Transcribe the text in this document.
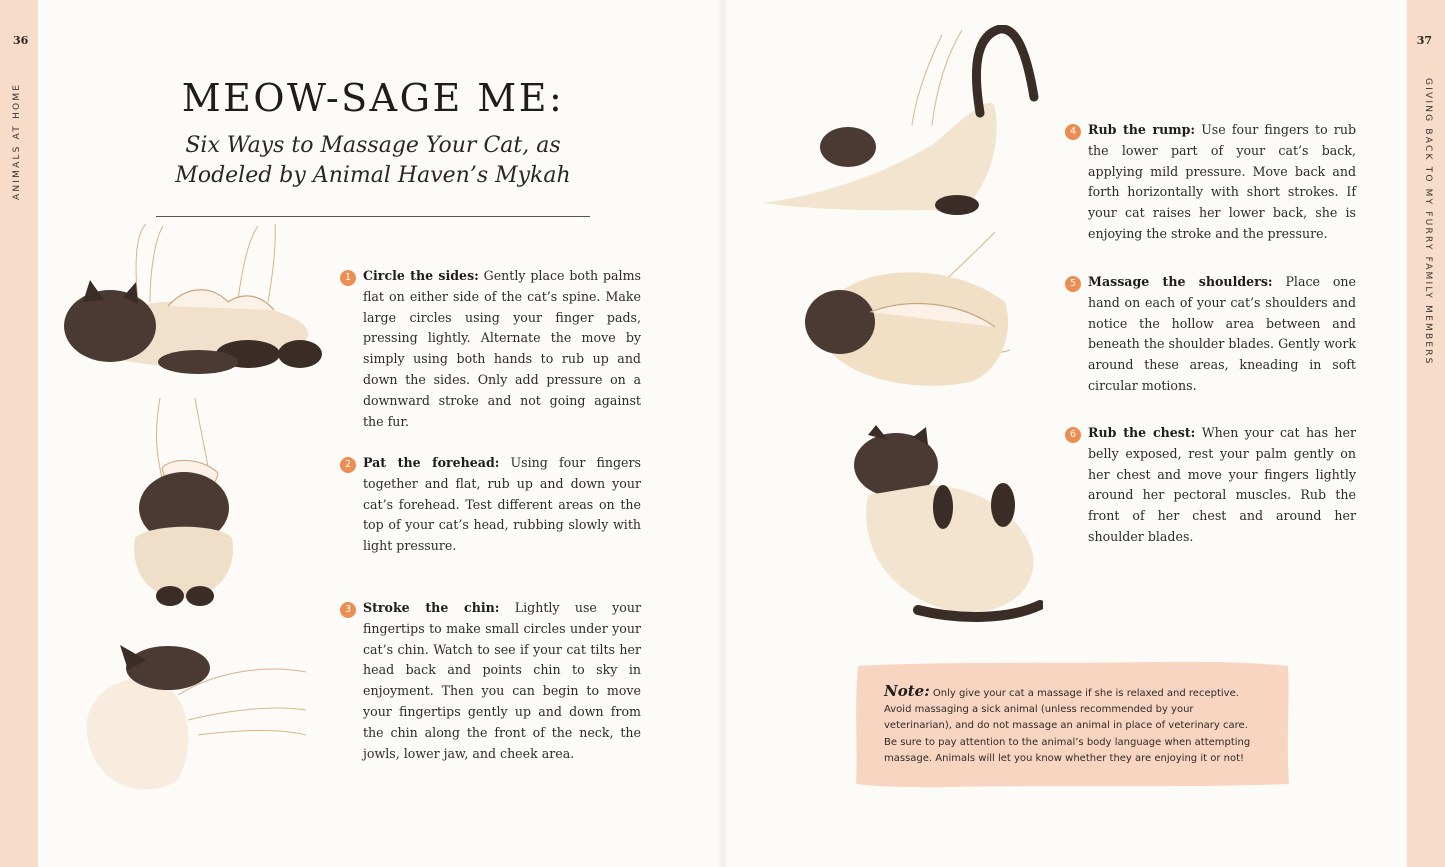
36	37
ANIMALS AT HOME	GIVING BACK TO MY FURRY FAMILY MEMBERS
MEOW-SAGE ME:
Six Ways to Massage Your Cat, as
Modeled by Animal Haven’s Mykah
1 Circle the sides: Gently place both palms flat on either side of the cat’s spine. Make large circles using your finger pads, pressing lightly. Alternate the move by simply using both hands to rub up and down the sides. Only add pressure on a downward stroke and not going against the fur.
2 Pat the forehead: Using four fingers together and flat, rub up and down your cat’s forehead. Test different areas on the top of your cat’s head, rubbing slowly with light pressure.
3 Stroke the chin: Lightly use your fingertips to make small circles under your cat’s chin. Watch to see if your cat tilts her head back and points chin to sky in enjoyment. Then you can begin to move your fingertips gently up and down from the chin along the front of the neck, the jowls, lower jaw, and cheek area.
4 Rub the rump: Use four fingers to rub the lower part of your cat’s back, applying mild pressure. Move back and forth horizontally with short strokes. If your cat raises her lower back, she is enjoying the stroke and the pressure.
5 Massage the shoulders: Place one hand on each of your cat’s shoulders and notice the hollow area between and beneath the shoulder blades. Gently work around these areas, kneading in soft circular motions.
6 Rub the chest: When your cat has her belly exposed, rest your palm gently on her chest and move your fingers lightly around her pectoral muscles. Rub the front of her chest and around her shoulder blades.
Note: Only give your cat a massage if she is relaxed and receptive. Avoid massaging a sick animal (unless recommended by your veterinarian), and do not massage an animal in place of veterinary care. Be sure to pay attention to the animal’s body language when attempting massage. Animals will let you know whether they are enjoying it or not!
